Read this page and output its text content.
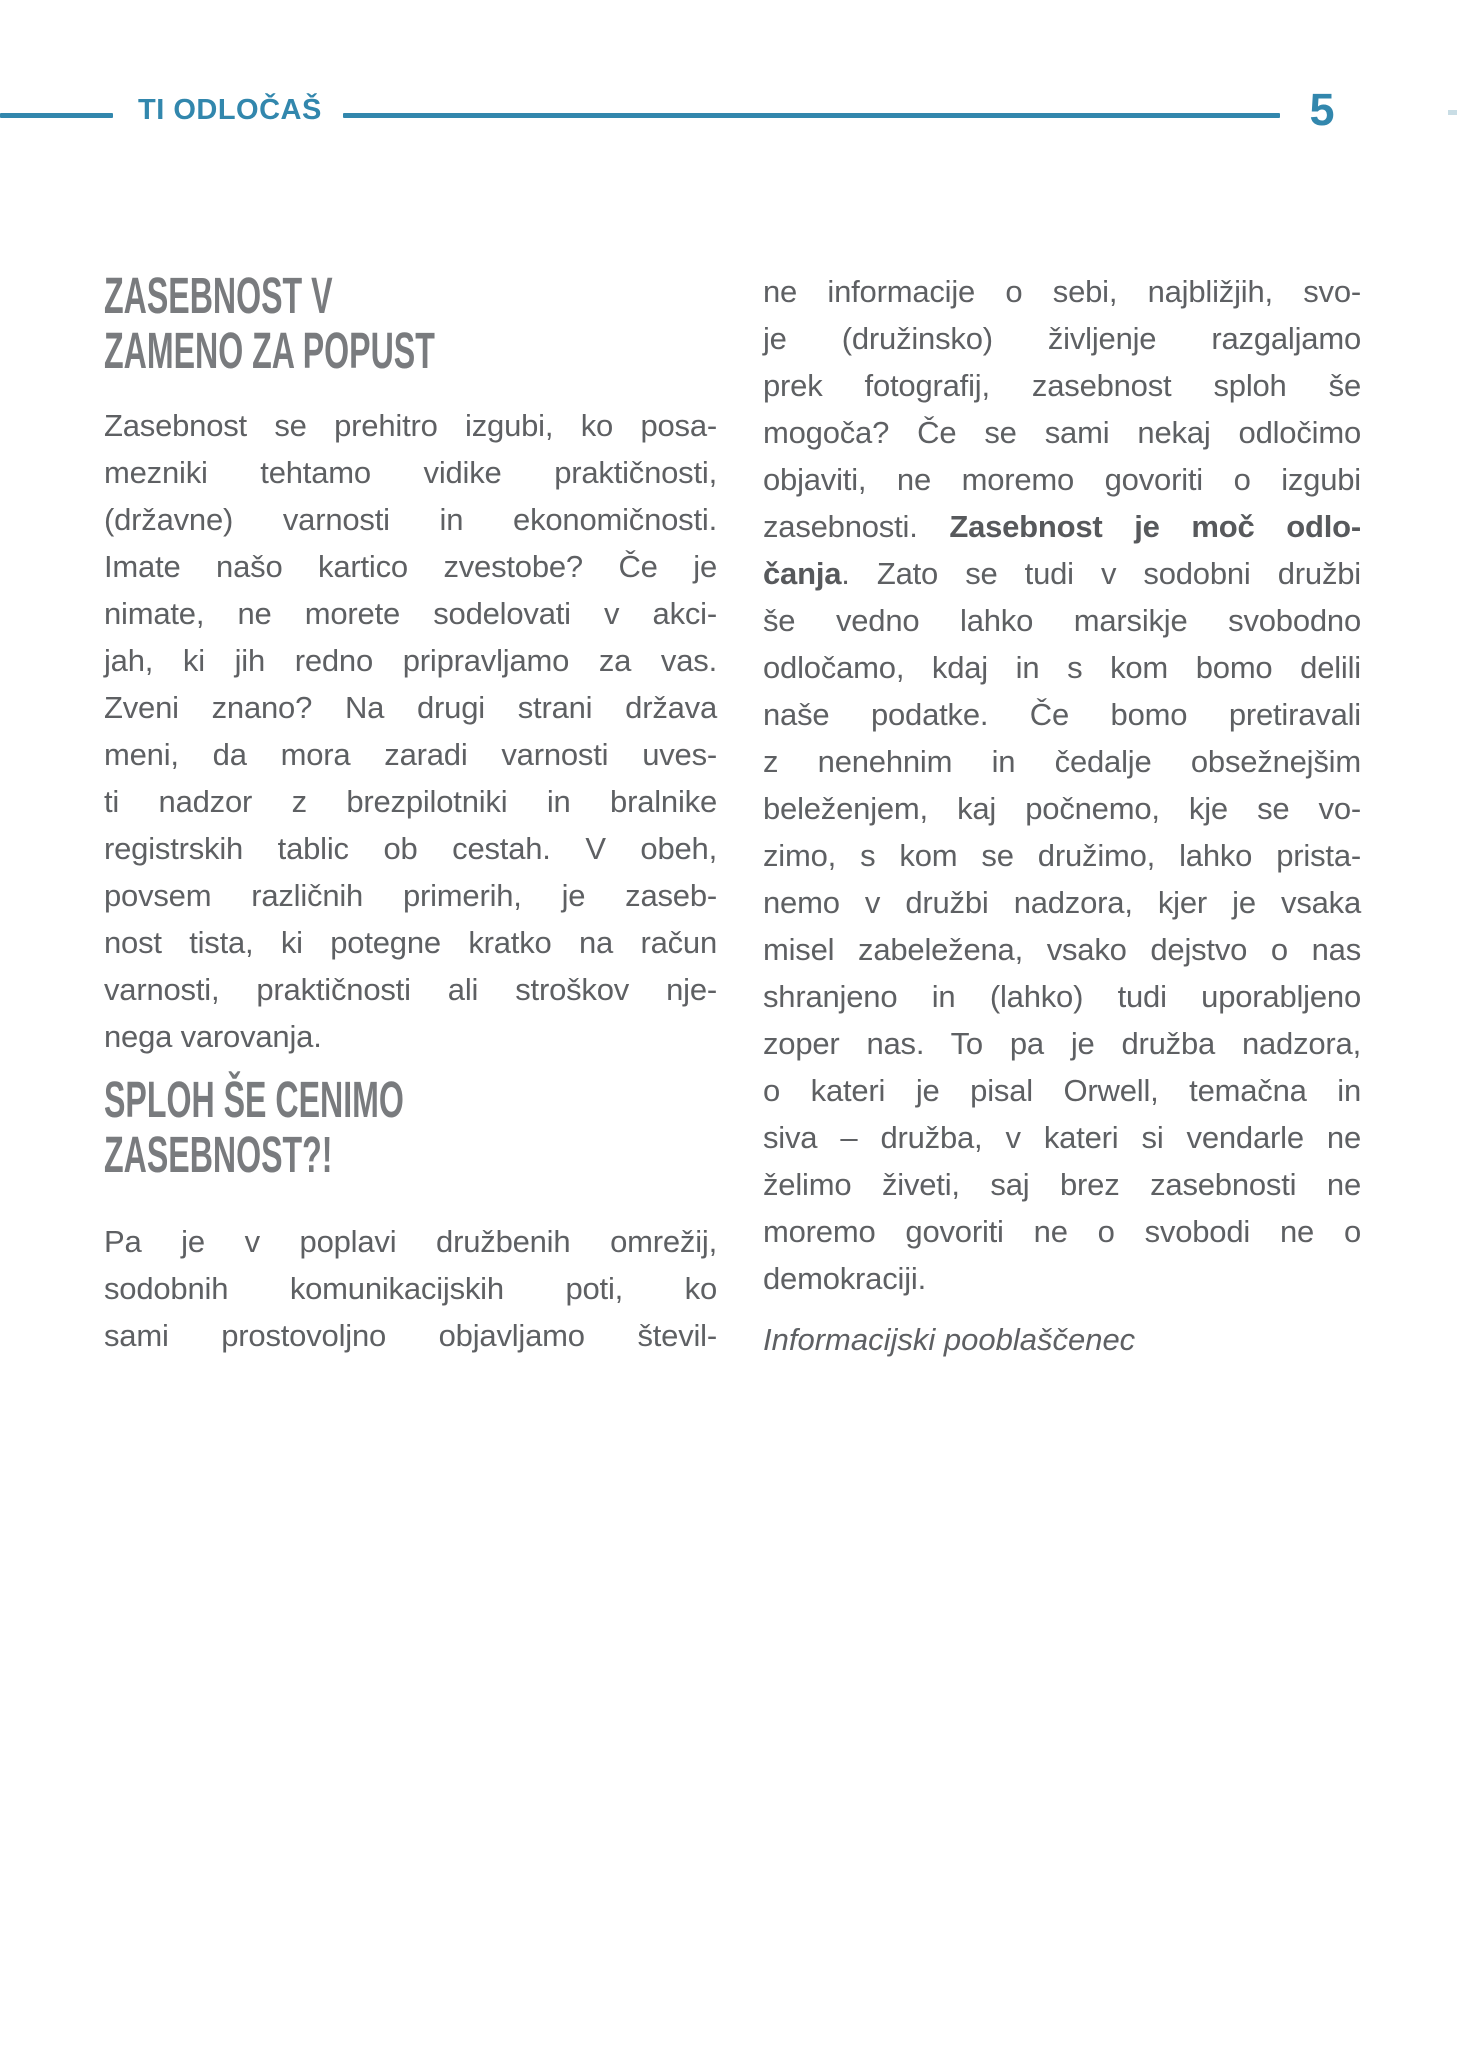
TI ODLOČAŠ	5
ZASEBNOST V
ZAMENO ZA POPUST
Zasebnost se prehitro izgubi, ko posa-
mezniki tehtamo vidike praktičnosti,
(državne) varnosti in ekonomičnosti.
Imate našo kartico zvestobe? Če je
nimate, ne morete sodelovati v akci-
jah, ki jih redno pripravljamo za vas.
Zveni znano? Na drugi strani država
meni, da mora zaradi varnosti uves-
ti nadzor z brezpilotniki in bralnike
registrskih tablic ob cestah. V obeh,
povsem različnih primerih, je zaseb-
nost tista, ki potegne kratko na račun
varnosti, praktičnosti ali stroškov nje-
nega varovanja.
SPLOH ŠE CENIMO
ZASEBNOST?!
Pa je v poplavi družbenih omrežij,
sodobnih komunikacijskih poti, ko
sami prostovoljno objavljamo števil-
ne informacije o sebi, najbližjih, svo-
je (družinsko) življenje razgaljamo
prek fotografij, zasebnost sploh še
mogoča? Če se sami nekaj odločimo
objaviti, ne moremo govoriti o izgubi
zasebnosti. Zasebnost je moč odlo-
čanja. Zato se tudi v sodobni družbi
še vedno lahko marsikje svobodno
odločamo, kdaj in s kom bomo delili
naše podatke. Če bomo pretiravali
z nenehnim in čedalje obsežnejšim
beleženjem, kaj počnemo, kje se vo-
zimo, s kom se družimo, lahko prista-
nemo v družbi nadzora, kjer je vsaka
misel zabeležena, vsako dejstvo o nas
shranjeno in (lahko) tudi uporabljeno
zoper nas. To pa je družba nadzora,
o kateri je pisal Orwell, temačna in
siva – družba, v kateri si vendarle ne
želimo živeti, saj brez zasebnosti ne
moremo govoriti ne o svobodi ne o
demokraciji.
Informacijski pooblaščenec
